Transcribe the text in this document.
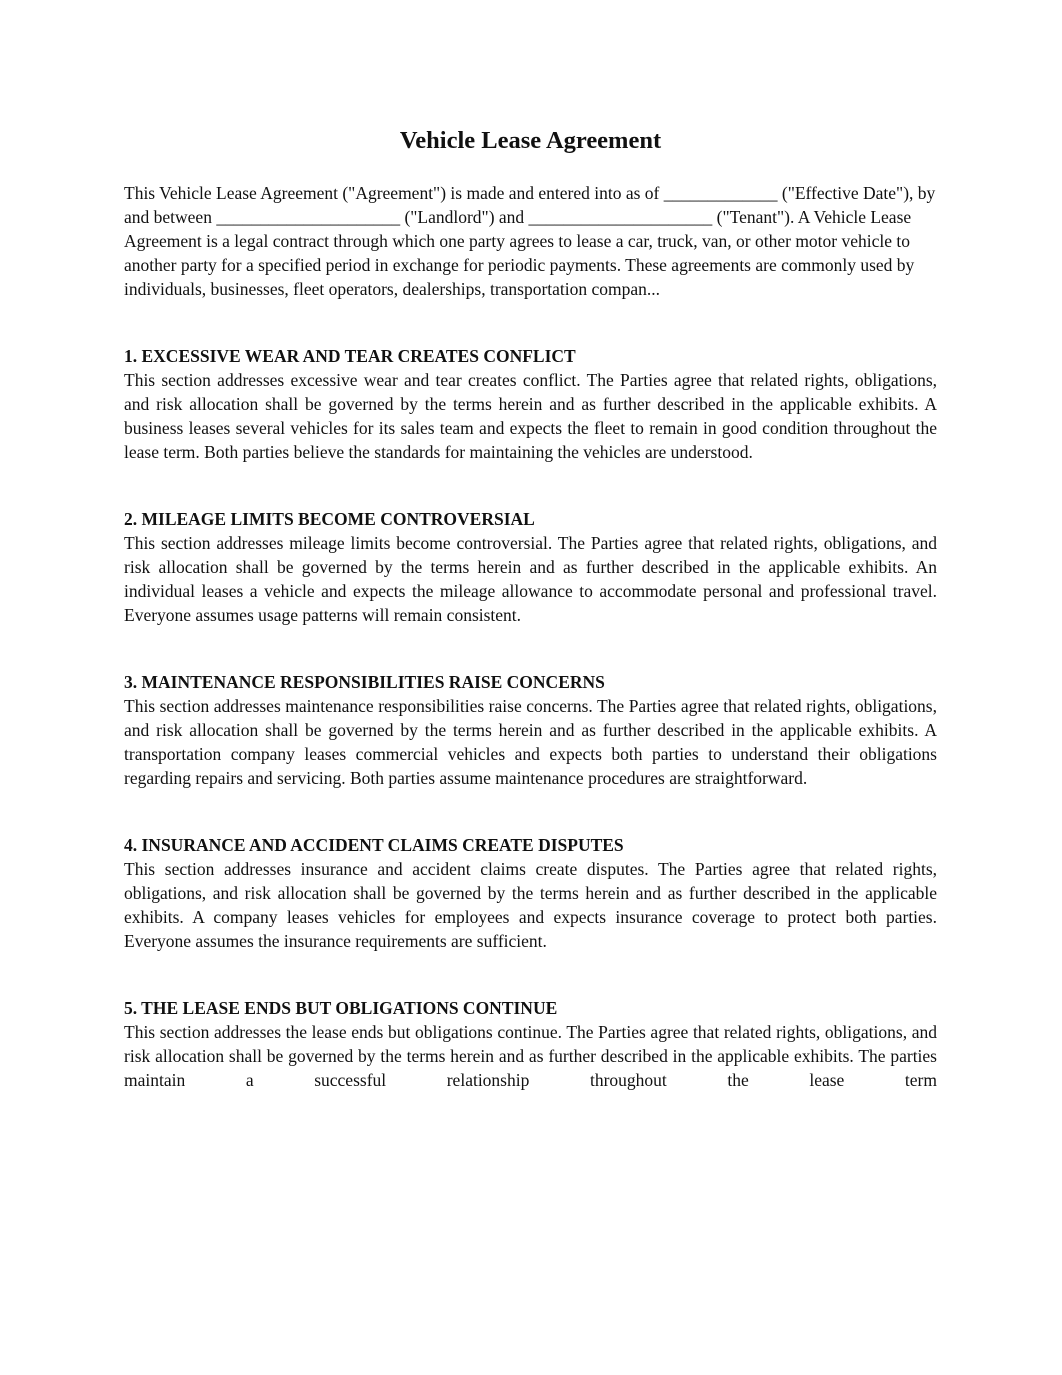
Vehicle Lease Agreement

This Vehicle Lease Agreement ("Agreement") is made and entered into as of _____________ ("Effective Date"), by and between _____________________ ("Landlord") and _____________________ ("Tenant"). A Vehicle Lease Agreement is a legal contract through which one party agrees to lease a car, truck, van, or other motor vehicle to another party for a specified period in exchange for periodic payments. These agreements are commonly used by individuals, businesses, fleet operators, dealerships, transportation compan...

1. EXCESSIVE WEAR AND TEAR CREATES CONFLICT

This section addresses excessive wear and tear creates conflict. The Parties agree that related rights, obligations, and risk allocation shall be governed by the terms herein and as further described in the applicable exhibits. A business leases several vehicles for its sales team and expects the fleet to remain in good condition throughout the lease term. Both parties believe the standards for maintaining the vehicles are understood.

2. MILEAGE LIMITS BECOME CONTROVERSIAL

This section addresses mileage limits become controversial. The Parties agree that related rights, obligations, and risk allocation shall be governed by the terms herein and as further described in the applicable exhibits. An individual leases a vehicle and expects the mileage allowance to accommodate personal and professional travel. Everyone assumes usage patterns will remain consistent.

3. MAINTENANCE RESPONSIBILITIES RAISE CONCERNS

This section addresses maintenance responsibilities raise concerns. The Parties agree that related rights, obligations, and risk allocation shall be governed by the terms herein and as further described in the applicable exhibits. A transportation company leases commercial vehicles and expects both parties to understand their obligations regarding repairs and servicing. Both parties assume maintenance procedures are straightforward.

4. INSURANCE AND ACCIDENT CLAIMS CREATE DISPUTES

This section addresses insurance and accident claims create disputes. The Parties agree that related rights, obligations, and risk allocation shall be governed by the terms herein and as further described in the applicable exhibits. A company leases vehicles for employees and expects insurance coverage to protect both parties. Everyone assumes the insurance requirements are sufficient.

5. THE LEASE ENDS BUT OBLIGATIONS CONTINUE

This section addresses the lease ends but obligations continue. The Parties agree that related rights, obligations, and risk allocation shall be governed by the terms herein and as further described in the applicable exhibits. The parties maintain a successful relationship throughout the lease term
